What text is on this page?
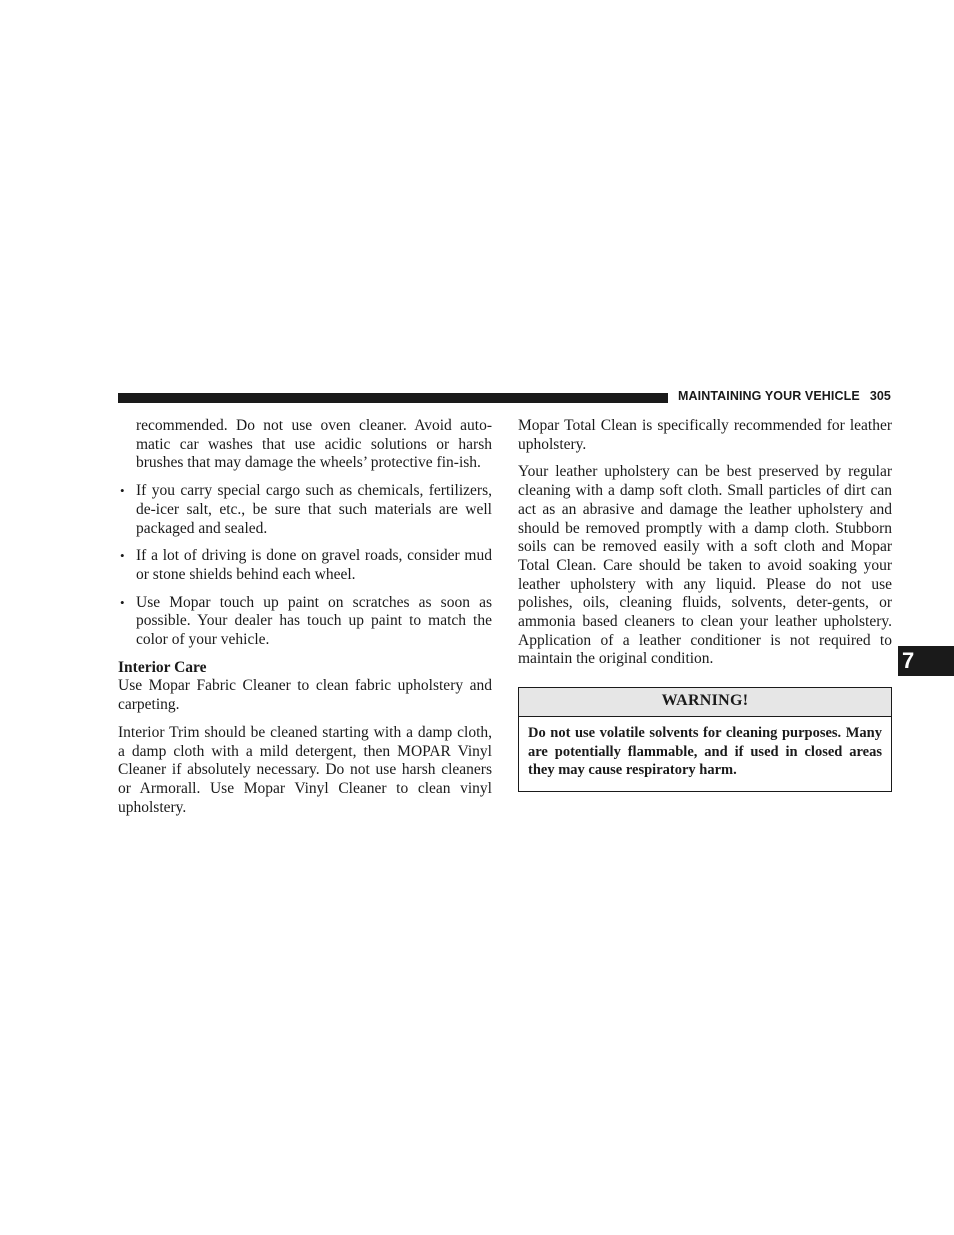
MAINTAINING YOUR VEHICLE 305

recommended. Do not use oven cleaner. Avoid auto-matic car washes that use acidic solutions or harsh brushes that may damage the wheels’ protective fin-ish.

• If you carry special cargo such as chemicals, fertilizers, de-icer salt, etc., be sure that such materials are well packaged and sealed.
• If a lot of driving is done on gravel roads, consider mud or stone shields behind each wheel.
• Use Mopar touch up paint on scratches as soon as possible. Your dealer has touch up paint to match the color of your vehicle.
Interior Care

Use Mopar Fabric Cleaner to clean fabric upholstery and carpeting.

Interior Trim should be cleaned starting with a damp cloth, a damp cloth with a mild detergent, then MOPAR Vinyl Cleaner if absolutely necessary. Do not use harsh cleaners or Armorall. Use Mopar Vinyl Cleaner to clean vinyl upholstery.

Mopar Total Clean is specifically recommended for leather upholstery.

Your leather upholstery can be best preserved by regular cleaning with a damp soft cloth. Small particles of dirt can act as an abrasive and damage the leather upholstery and should be removed promptly with a damp cloth. Stubborn soils can be removed easily with a soft cloth and Mopar Total Clean. Care should be taken to avoid soaking your leather upholstery with any liquid. Please do not use polishes, oils, cleaning fluids, solvents, deter-gents, or ammonia based cleaners to clean your leather upholstery. Application of a leather conditioner is not required to maintain the original condition.

WARNING!
Do not use volatile solvents for cleaning purposes. Many are potentially flammable, and if used in closed areas they may cause respiratory harm.
7
